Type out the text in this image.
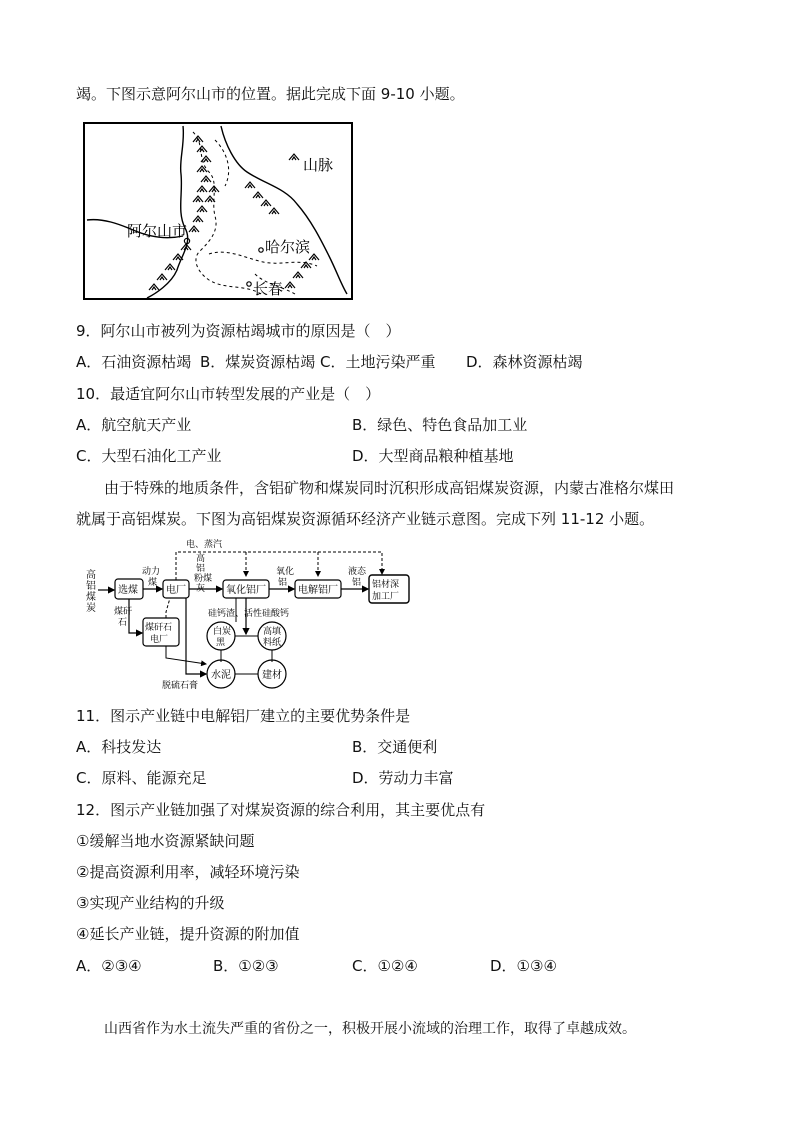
竭。下图示意阿尔山市的位置。据此完成下面 9-10 小题。
山脉
阿尔山市
哈尔滨
长春
9．阿尔山市被列为资源枯竭城市的原因是（　）
A．石油资源枯竭 B．煤炭资源枯竭 C．土地污染严重 D．森林资源枯竭
10．最适宜阿尔山市转型发展的产业是（　）
A．航空航天产业	B．绿色、特色食品加工业
C．大型石油化工产业	D．大型商品粮种植基地
由于特殊的地质条件，含铝矿物和煤炭同时沉积形成高铝煤炭资源，内蒙古准格尔煤田
就属于高铝煤炭。下图为高铝煤炭资源循环经济产业链示意图。完成下列 11-12 小题。
高
铝
煤
炭
选煤
动力
煤
电厂
电、蒸汽
高
铝
粉煤
灰 氧化铝厂
氧化
铝
电解铝厂
液态
铝 铝材深
加工厂
煤矸
石 煤矸石
电厂
硅钙渣、活性硅酸钙
白炭
黑
高填
料纸
水泥	建材
脱硫石膏
11．图示产业链中电解铝厂建立的主要优势条件是
A．科技发达	B．交通便利
C．原料、能源充足	D．劳动力丰富
12．图示产业链加强了对煤炭资源的综合利用，其主要优点有
①缓解当地水资源紧缺问题
②提高资源利用率，减轻环境污染
③实现产业结构的升级
④延长产业链，提升资源的附加值
A．②③④	B．①②③	C．①②④	D．①③④
山西省作为水土流失严重的省份之一，积极开展小流域的治理工作，取得了卓越成效。
